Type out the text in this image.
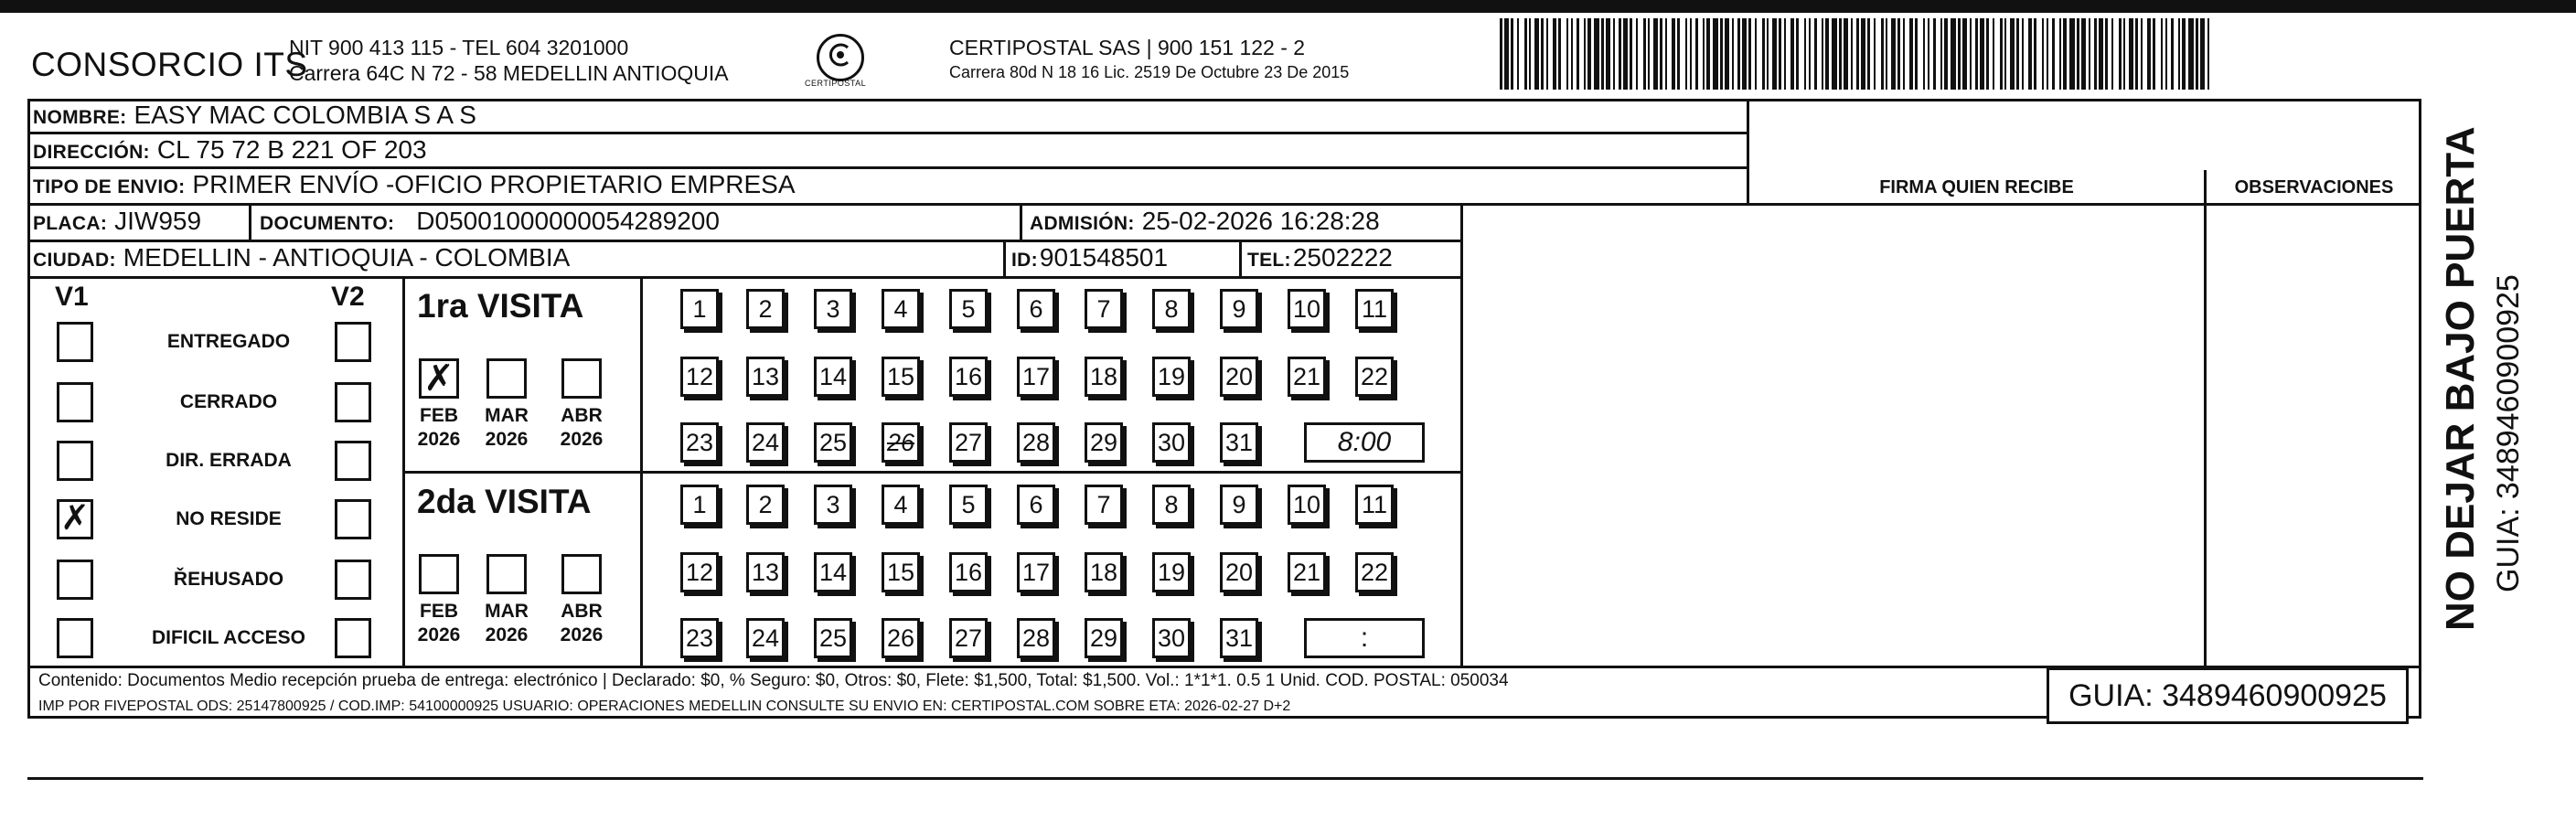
CONSORCIO ITS
NIT 900 413 115 - TEL 604 3201000
Carrera 64C N 72 - 58 MEDELLIN ANTIOQUIA	CERTIPOSTAL
CERTIPOSTAL SAS | 900 151 122 - 2
Carrera 80d N 18 16 Lic. 2519 De Octubre 23 De 2015
NOMBRE: EASY MAC COLOMBIA S A S
DIRECCIÓN: CL 75 72 B 221 OF 203
TIPO DE ENVIO: PRIMER ENVÍO -OFICIO PROPIETARIO EMPRESA	FIRMA QUIEN RECIBE	OBSERVACIONES
PLACA: JIW959	DOCUMENTO: D05001000000054289200	ADMISIÓN: 25-02-2026 16:28:28
CIUDAD: MEDELLIN - ANTIOQUIA - COLOMBIA	ID: 901548501	TEL: 2502222
V1	V2
ENTREGADO
CERRADO
DIR. ERRADA
✗	NO RESIDE
ŘEHUSADO
DIFICIL ACCESO
1ra VISITA
✗
FEB
2026
MAR
2026
ABR
2026
1	2	3	4	5	6	7	8	9	10 11
12 13 14 15 16 17 18 19 20 21 22
23 24 25 26 27 28 29 30 31	8:00
2da VISITA
FEB
2026
MAR
2026
ABR
2026
1	2	3	4	5	6	7	8	9	10 11
12 13 14 15 16 17 18 19 20 21 22
23 24 25 26 27 28 29 30 31	:
Contenido: Documentos Medio recepción prueba de entrega: electrónico | Declarado: $0, % Seguro: $0, Otros: $0, Flete: $1,500, Total: $1,500. Vol.: 1*1*1. 0.5 1 Unid. COD. POSTAL: 050034
IMP POR FIVEPOSTAL ODS: 25147800925 / COD.IMP: 54100000925 USUARIO: OPERACIONES MEDELLIN CONSULTE SU ENVIO EN: CERTIPOSTAL.COM SOBRE ETA: 2026-02-27 D+2	GUIA: 3489460900925
NO DEJAR BAJO PUERTA GUIA: 3489460900925
